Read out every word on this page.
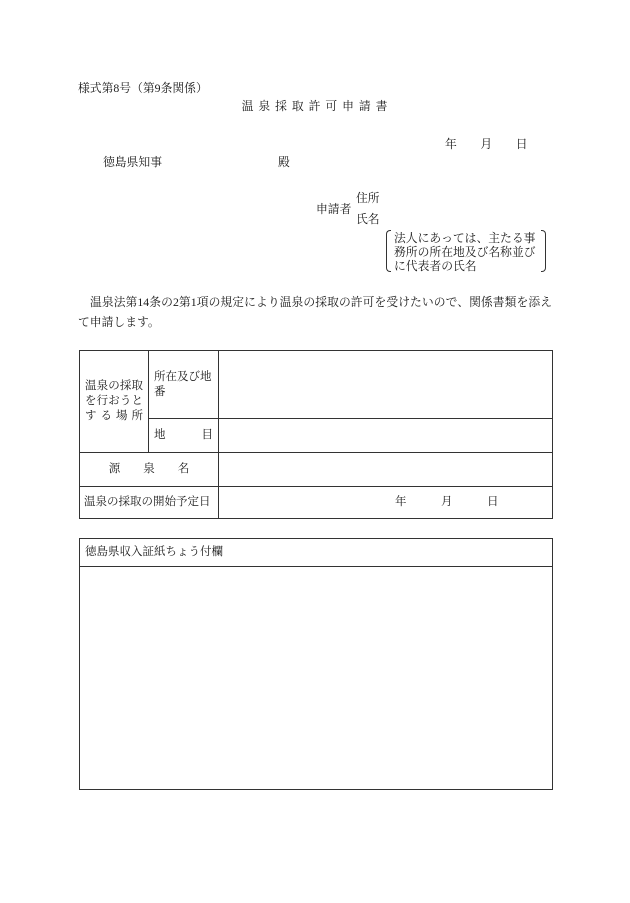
様式第8号（第9条関係）
温 泉 採 取 許 可 申 請 書
年　　月　　日
徳島県知事	殿
住所
申請者
氏名
法人にあっては、主たる事
務所の所在地及び名称並び
に代表者の氏名
温泉法第14条の2第1項の規定により温泉の採取の許可を受けたいので、関係書類を添え
て申請します。
温泉の採取
を行おうと
す る 場 所	所在及び地番	

	地　　目	

源　　泉　　名		
温泉の採取の開始予定日		年　　　月　　　日
徳島県収入証紙ちょう付欄
